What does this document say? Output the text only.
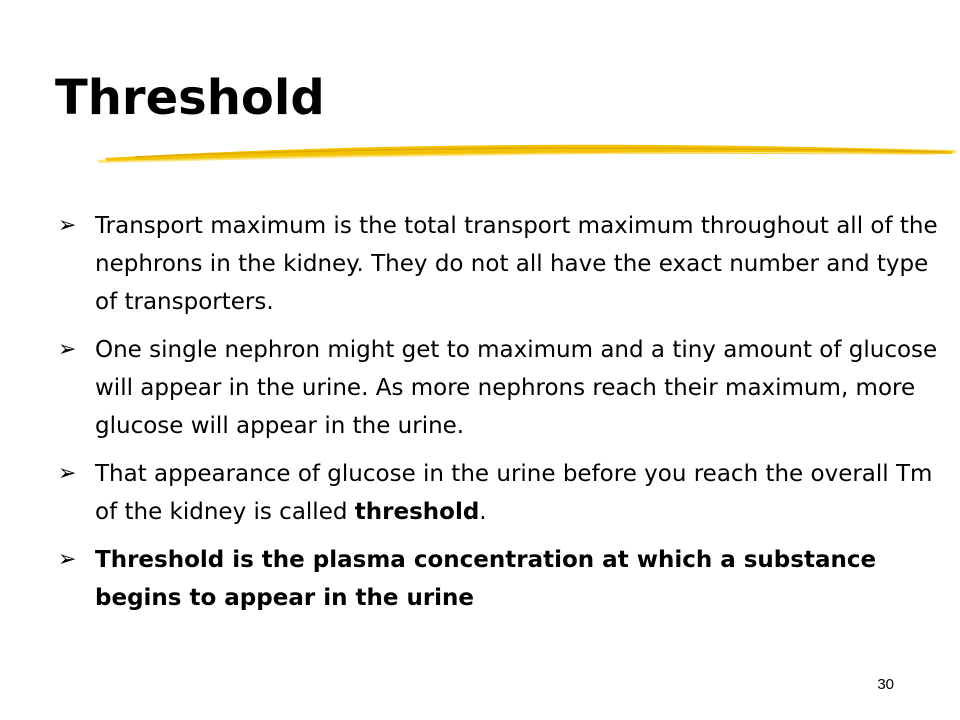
Threshold
➢ Transport maximum is the total transport maximum throughout all of the nephrons in the kidney. They do not all have the exact number and type of transporters.
➢ One single nephron might get to maximum and a tiny amount of glucose will appear in the urine. As more nephrons reach their maximum, more glucose will appear in the urine.
➢ That appearance of glucose in the urine before you reach the overall Tm of the kidney is called threshold.
➢ Threshold is the plasma concentration at which a substance begins to appear in the urine
30
